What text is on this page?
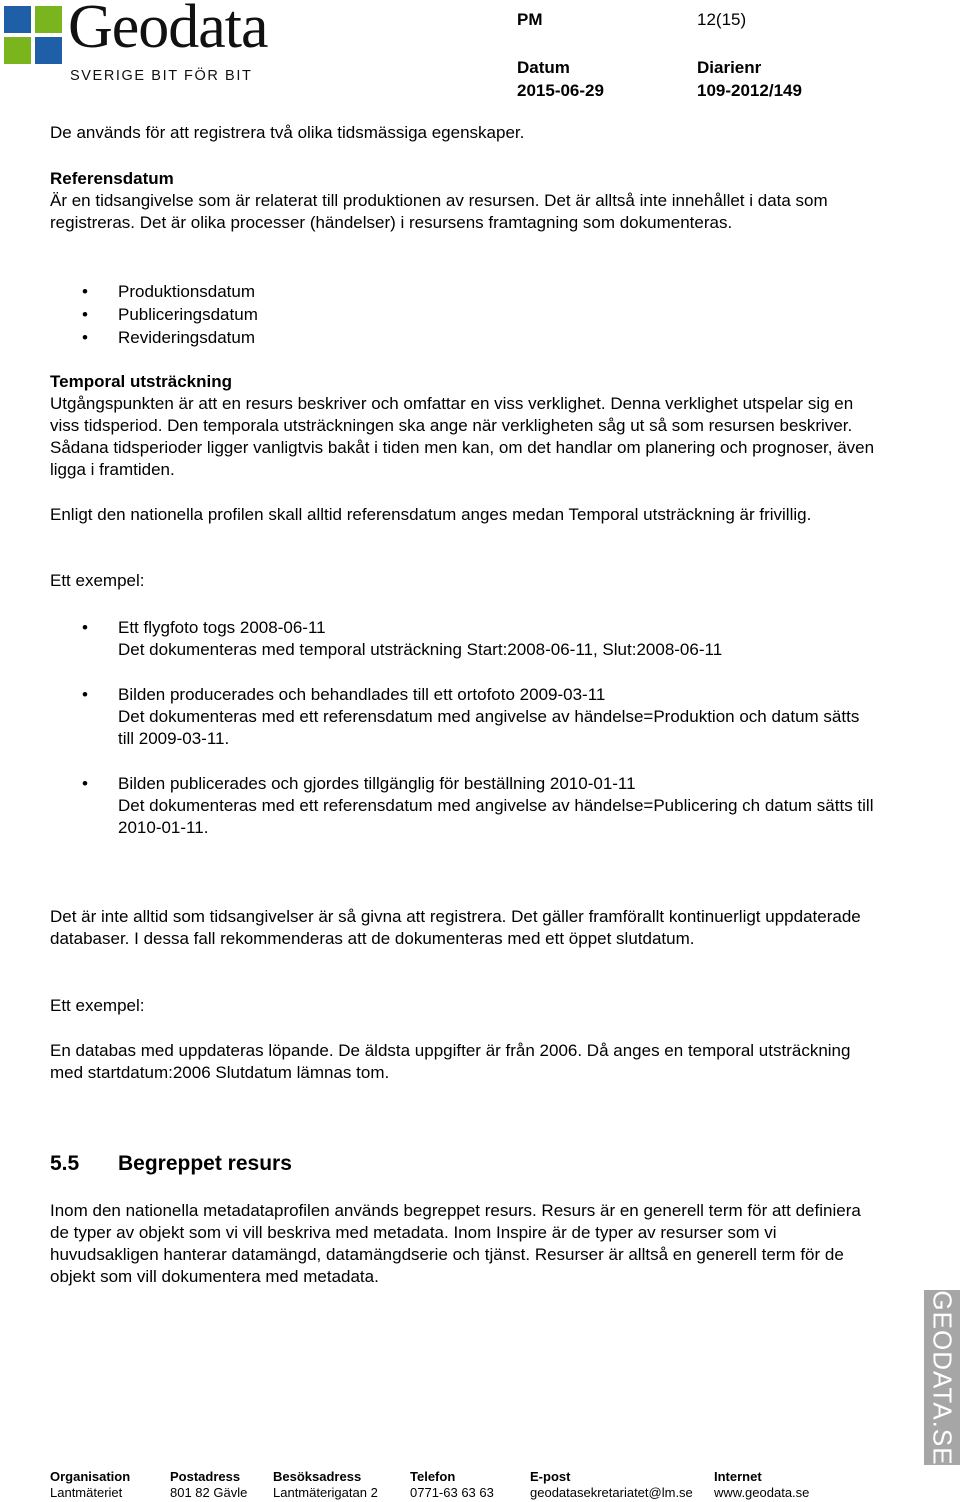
Geodata
SVERIGE BIT FÖR BIT
PM	12(15)
Datum	Diarienr
2015-06-29	109-2012/149

De används för att registrera två olika tidsmässiga egenskaper.

Referensdatum

Är en tidsangivelse som är relaterat till produktionen av resursen. Det är alltså inte innehållet i data som registreras. Det är olika processer (händelser) i resursens framtagning som dokumenteras.

• Produktionsdatum
• Publiceringsdatum
• Revideringsdatum

Temporal utsträckning

Utgångspunkten är att en resurs beskriver och omfattar en viss verklighet. Denna verklighet utspelar sig en viss tidsperiod. Den temporala utsträckningen ska ange när verkligheten såg ut så som resursen beskriver. Sådana tidsperioder ligger vanligtvis bakåt i tiden men kan, om det handlar om planering och prognoser, även ligga i framtiden.

Enligt den nationella profilen skall alltid referensdatum anges medan Temporal utsträckning är frivillig.

Ett exempel:

• Ett flygfoto togs 2008-06-11
Det dokumenteras med temporal utsträckning Start:2008-06-11, Slut:2008-06-11
• Bilden producerades och behandlades till ett ortofoto 2009-03-11
Det dokumenteras med ett referensdatum med angivelse av händelse=Produktion och datum sätts till 2009-03-11.
• Bilden publicerades och gjordes tillgänglig för beställning 2010-01-11
Det dokumenteras med ett referensdatum med angivelse av händelse=Publicering ch datum sätts till 2010-01-11.

Det är inte alltid som tidsangivelser är så givna att registrera. Det gäller framförallt kontinuerligt uppdaterade databaser. I dessa fall rekommenderas att de dokumenteras med ett öppet slutdatum.

Ett exempel:

En databas med uppdateras löpande. De äldsta uppgifter är från 2006. Då anges en temporal utsträckning med startdatum:2006 Slutdatum lämnas tom.

5.5 Begreppet resurs

Inom den nationella metadataprofilen används begreppet resurs. Resurs är en generell term för att definiera de typer av objekt som vi vill beskriva med metadata. Inom Inspire är de typer av resurser som vi huvudsakligen hanterar datamängd, datamängdserie och tjänst. Resurser är alltså en generell term för de objekt som vill dokumentera med metadata.

GEODATA.SE
Organisation
Lantmäteriet
Postadress
801 82 Gävle
Besöksadress
Lantmäterigatan 2
Telefon
0771-63 63 63
E-post
geodatasekretariatet@lm.se
Internet
www.geodata.se
